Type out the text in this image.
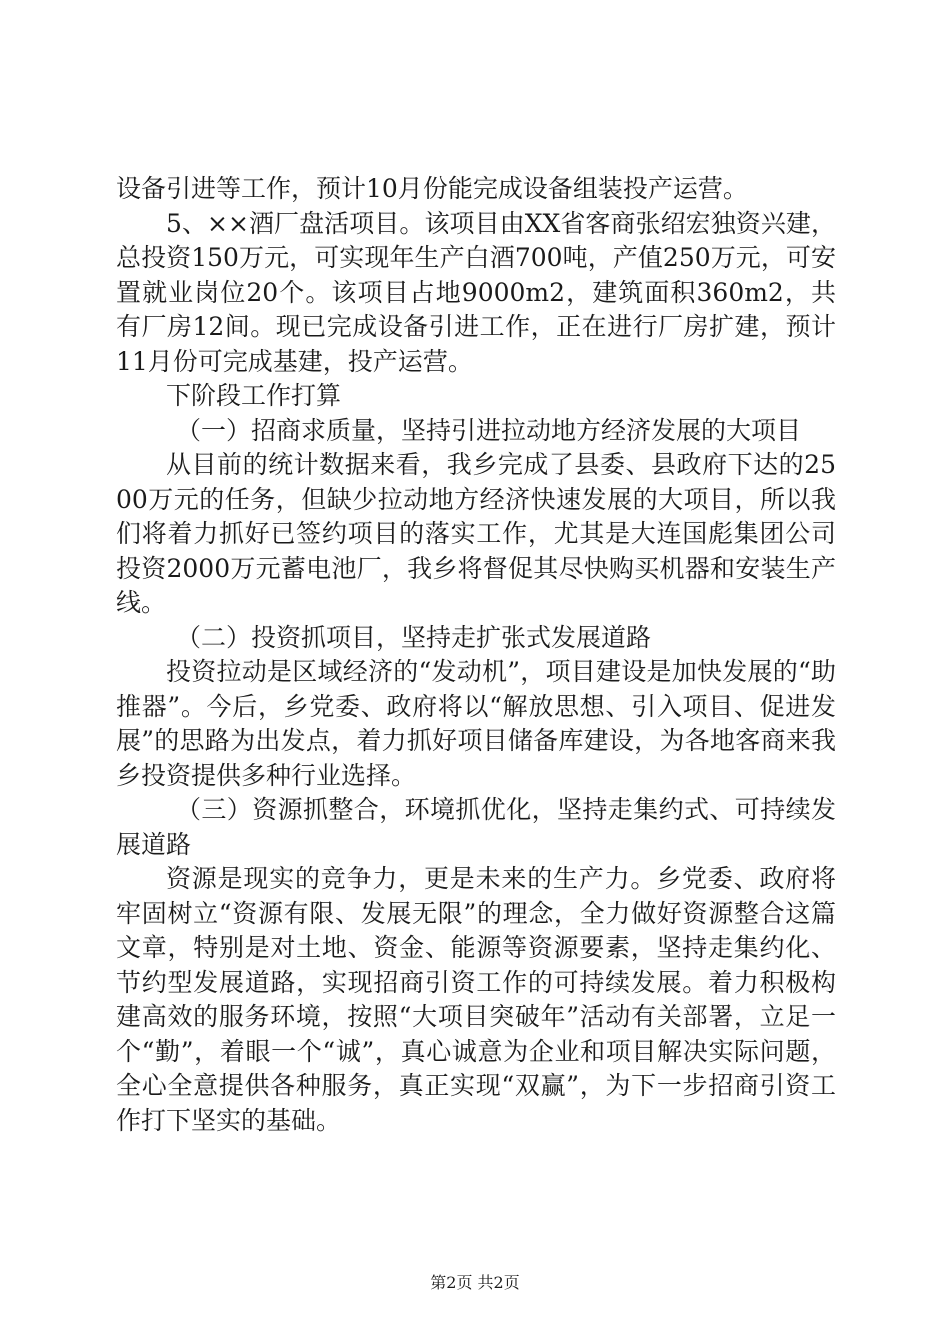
设备引进等工作，预计10月份能完成设备组装投产运营。

5、××酒厂盘活项目。该项目由XX省客商张绍宏独资兴建，总投资150万元，可实现年生产白酒700吨，产值250万元，可安置就业岗位20个。该项目占地9000m2，建筑面积360m2，共有厂房12间。现已完成设备引进工作，正在进行厂房扩建，预计11月份可完成基建，投产运营。

下阶段工作打算

（一）招商求质量，坚持引进拉动地方经济发展的大项目

从目前的统计数据来看，我乡完成了县委、县政府下达的2500万元的任务，但缺少拉动地方经济快速发展的大项目，所以我们将着力抓好已签约项目的落实工作，尤其是大连国彪集团公司投资2000万元蓄电池厂，我乡将督促其尽快购买机器和安装生产线。

（二）投资抓项目，坚持走扩张式发展道路

投资拉动是区域经济的“发动机”，项目建设是加快发展的“助推器”。今后，乡党委、政府将以“解放思想、引入项目、促进发展”的思路为出发点，着力抓好项目储备库建设，为各地客商来我乡投资提供多种行业选择。

（三）资源抓整合，环境抓优化，坚持走集约式、可持续发展道路

资源是现实的竞争力，更是未来的生产力。乡党委、政府将牢固树立“资源有限、发展无限”的理念，全力做好资源整合这篇文章，特别是对土地、资金、能源等资源要素，坚持走集约化、节约型发展道路，实现招商引资工作的可持续发展。着力积极构建高效的服务环境，按照“大项目突破年”活动有关部署，立足一个“勤”，着眼一个“诚”，真心诚意为企业和项目解决实际问题，全心全意提供各种服务，真正实现“双赢”，为下一步招商引资工作打下坚实的基础。

第2页 共2页
